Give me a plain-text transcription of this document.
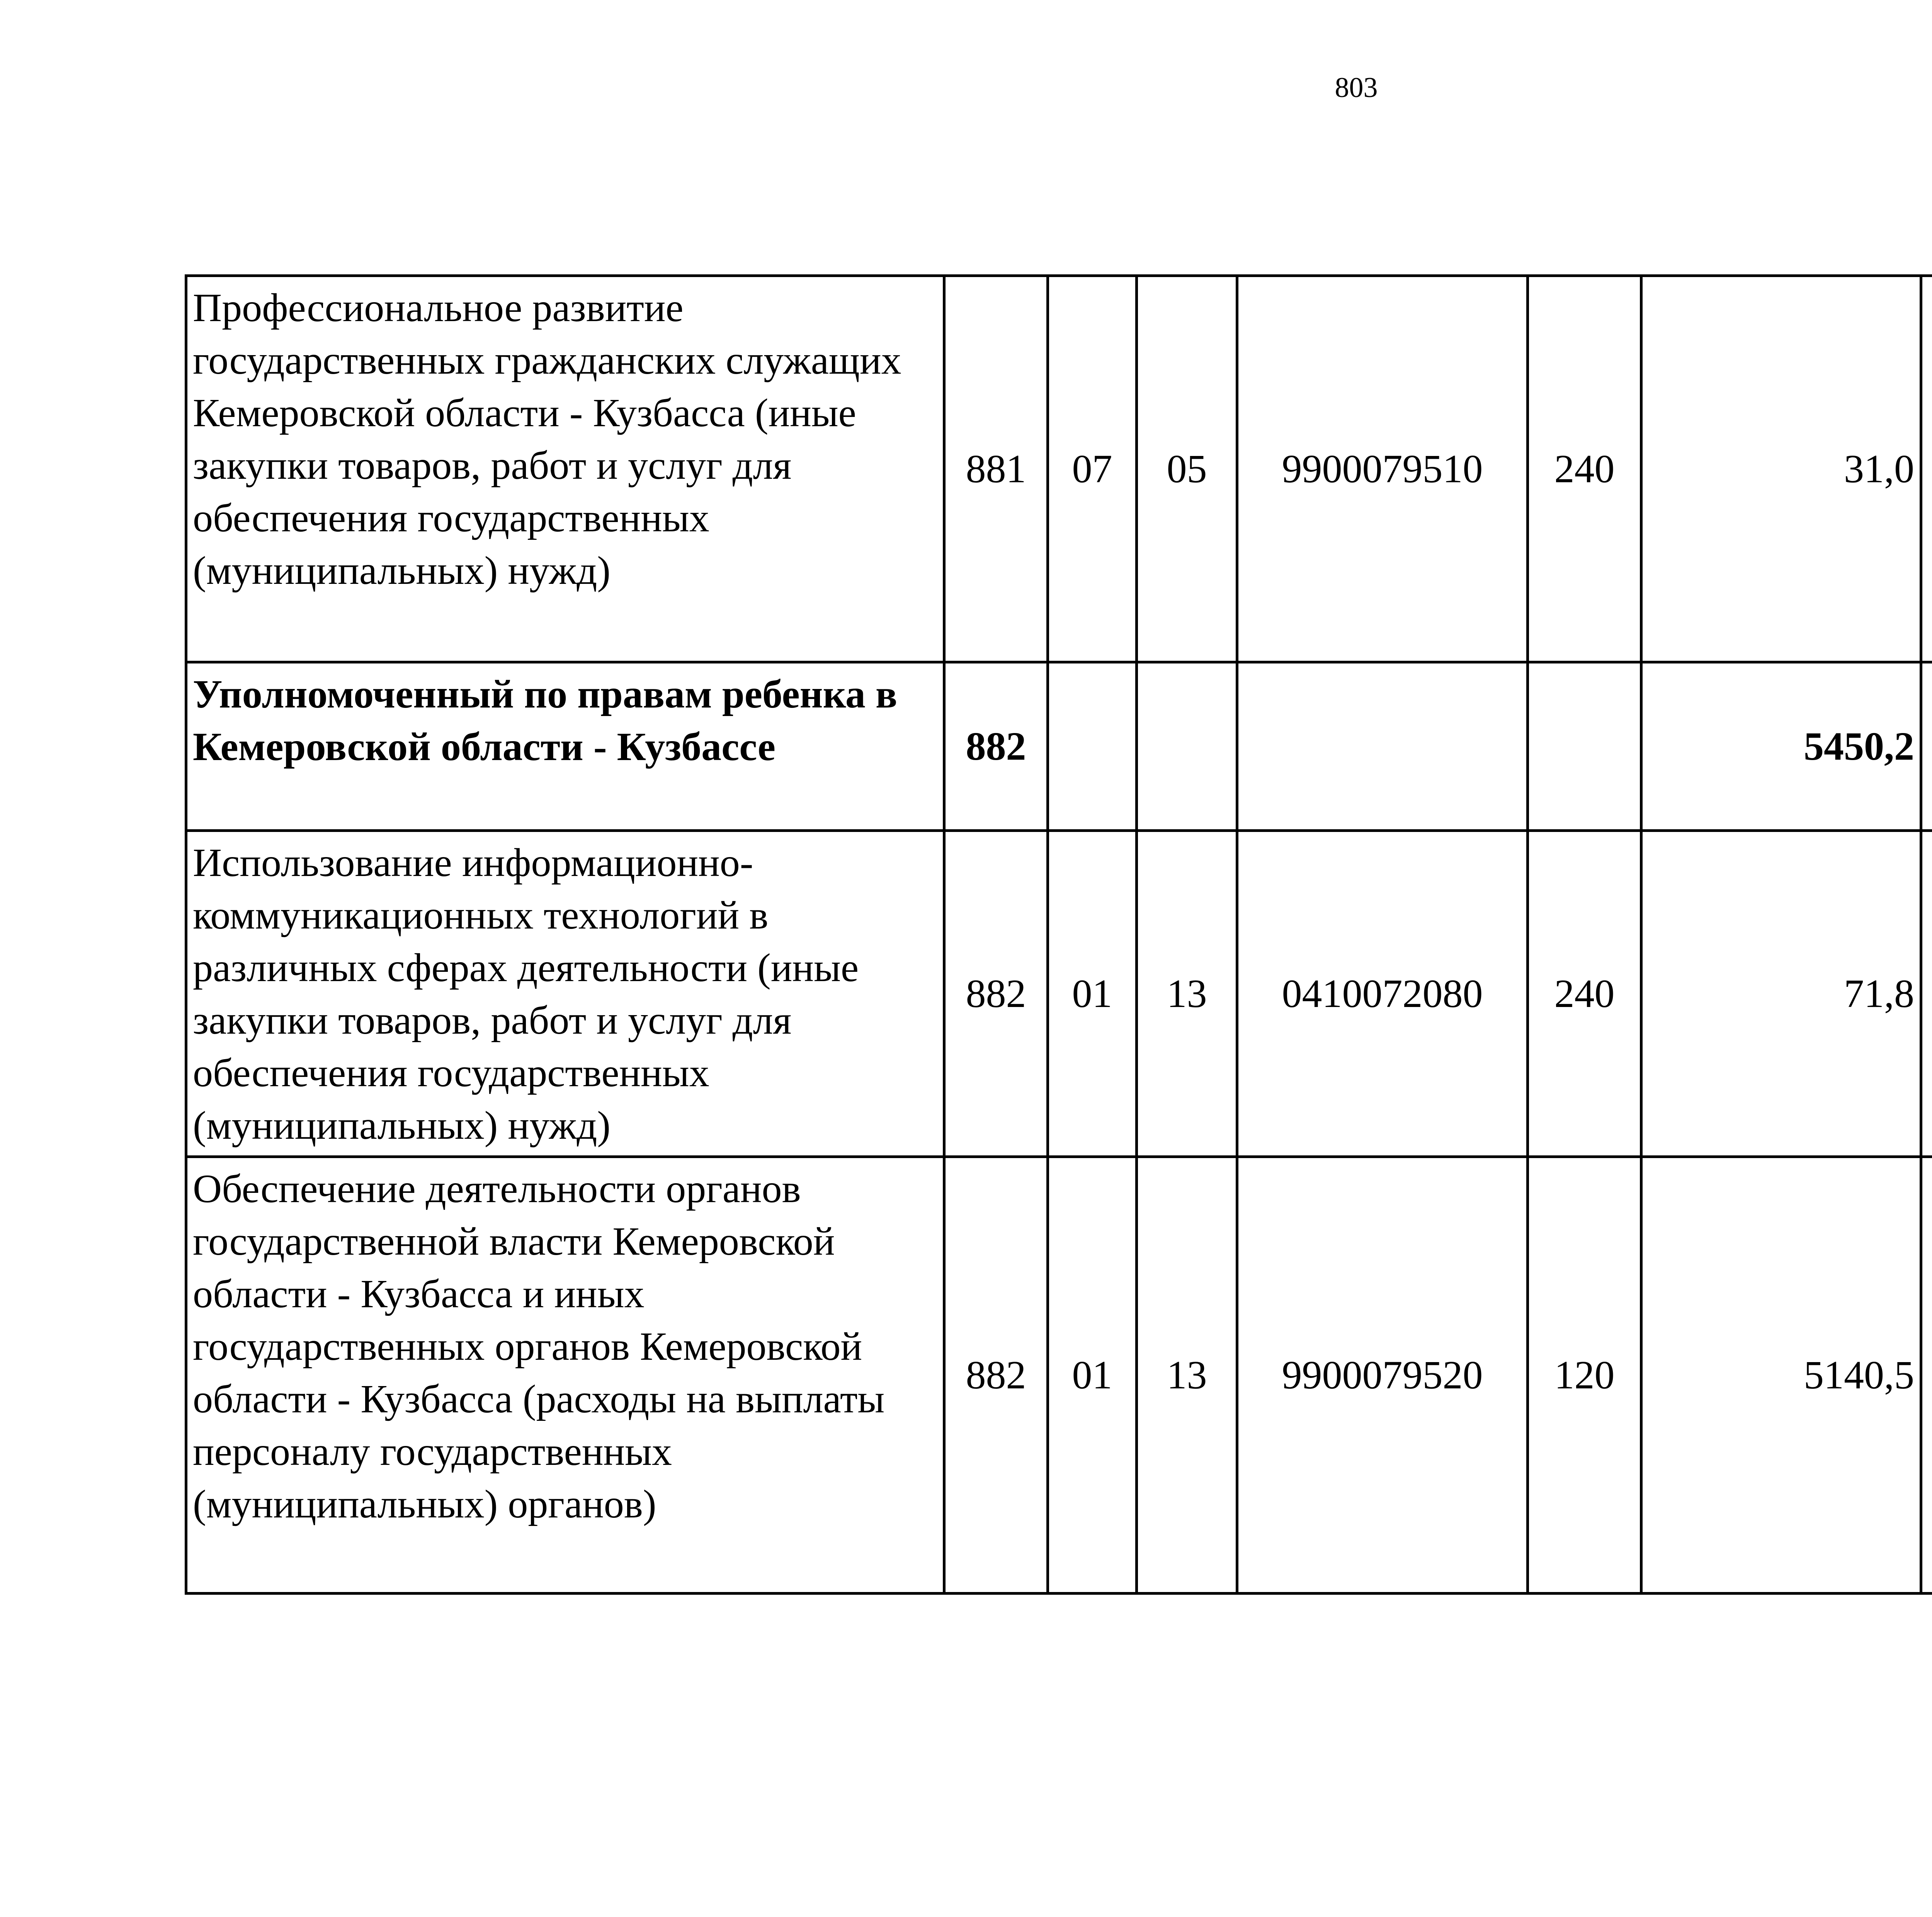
803
Профессиональное развитие государственных гражданских служащих Кемеровской области - Кузбасса (иные закупки товаров, работ и услуг для обеспечения государственных (муниципальных) нужд)	881	07	05	9900079510	240	31,0		
Уполномоченный по правам ребенка в Кемеровской области - Кузбассе	882					5450,2		
Использование информационно-коммуникационных технологий в различных сферах деятельности (иные закупки товаров, работ и услуг для обеспечения государственных (муниципальных) нужд)	882	01	13	0410072080	240	71,8		
Обеспечение деятельности органов государственной власти Кемеровской области - Кузбасса и иных государственных органов Кемеровской области - Кузбасса (расходы на выплаты персоналу государственных (муниципальных) органов)	882	01	13	9900079520	120	5140,5		
